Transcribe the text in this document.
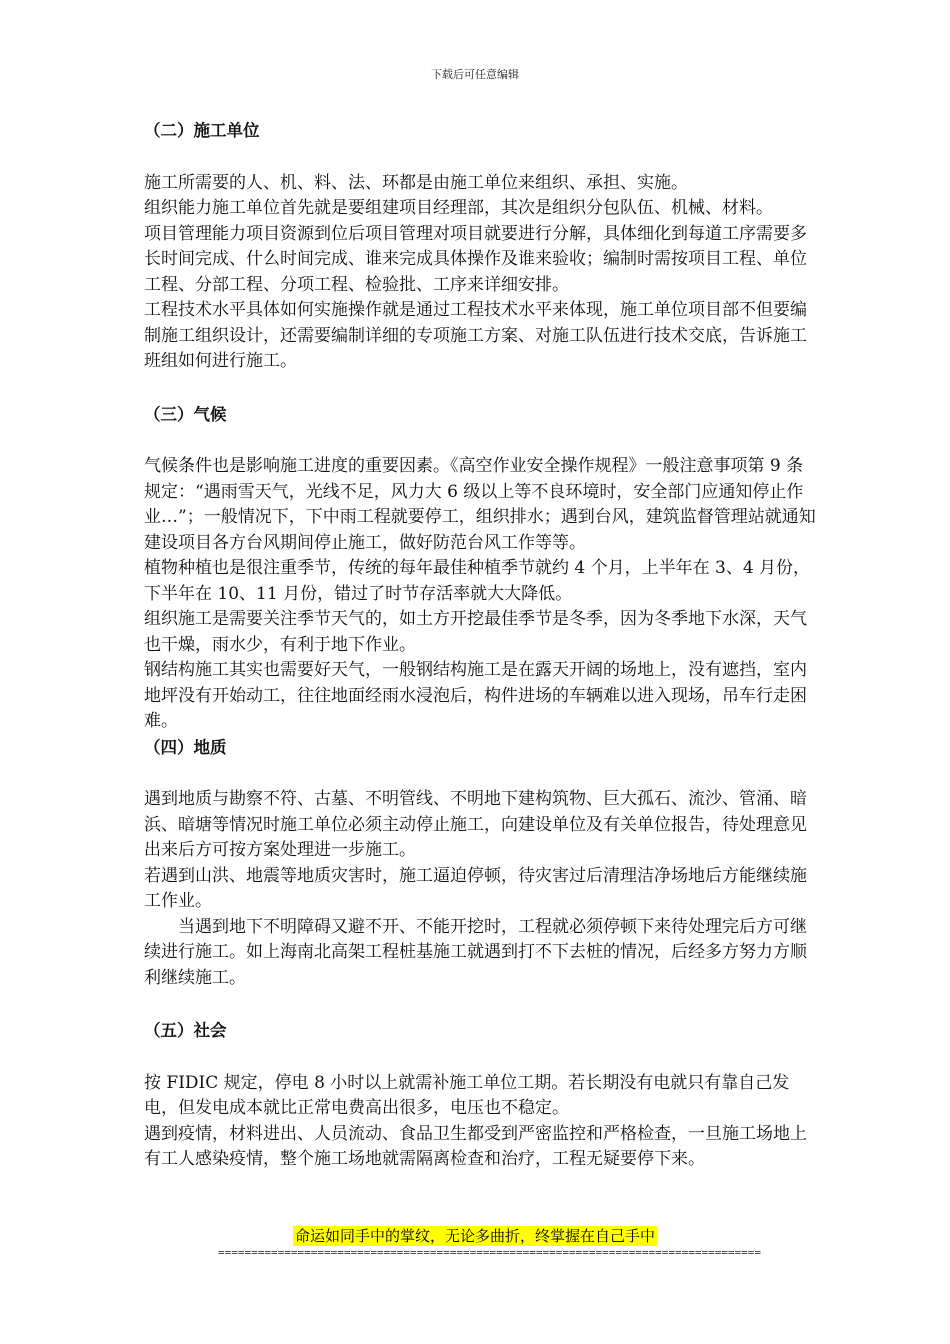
下载后可任意编辑
（二）施工单位

施工所需要的人、机、料、法、环都是由施工单位来组织、承担、实施。

组织能力施工单位首先就是要组建项目经理部，其次是组织分包队伍、机械、材料。

项目管理能力项目资源到位后项目管理对项目就要进行分解，具体细化到每道工序需要多长时间完成、什么时间完成、谁来完成具体操作及谁来验收；编制时需按项目工程、单位工程、分部工程、分项工程、检验批、工序来详细安排。

工程技术水平具体如何实施操作就是通过工程技术水平来体现，施工单位项目部不但要编制施工组织设计，还需要编制详细的专项施工方案、对施工队伍进行技术交底，告诉施工班组如何进行施工。

（三）气候

气候条件也是影响施工进度的重要因素。《高空作业安全操作规程》一般注意事项第 9 条规定：“遇雨雪天气，光线不足，风力大 6 级以上等不良环境时，安全部门应通知停止作业…”；一般情况下，下中雨工程就要停工，组织排水；遇到台风，建筑监督管理站就通知建设项目各方台风期间停止施工，做好防范台风工作等等。

植物种植也是很注重季节，传统的每年最佳种植季节就约 4 个月，上半年在 3、4 月份，下半年在 10、11 月份，错过了时节存活率就大大降低。

组织施工是需要关注季节天气的，如土方开挖最佳季节是冬季，因为冬季地下水深，天气也干燥，雨水少，有利于地下作业。

钢结构施工其实也需要好天气，一般钢结构施工是在露天开阔的场地上，没有遮挡，室内地坪没有开始动工，往往地面经雨水浸泡后，构件进场的车辆难以进入现场，吊车行走困难。

（四）地质

遇到地质与勘察不符、古墓、不明管线、不明地下建构筑物、巨大孤石、流沙、管涌、暗浜、暗塘等情况时施工单位必须主动停止施工，向建设单位及有关单位报告，待处理意见出来后方可按方案处理进一步施工。

若遇到山洪、地震等地质灾害时，施工逼迫停顿，待灾害过后清理洁净场地后方能继续施工作业。

当遇到地下不明障碍又避不开、不能开挖时，工程就必须停顿下来待处理完后方可继续进行施工。如上海南北高架工程桩基施工就遇到打不下去桩的情况，后经多方努力方顺利继续施工。

（五）社会

按 FIDIC 规定，停电 8 小时以上就需补施工单位工期。若长期没有电就只有靠自己发电，但发电成本就比正常电费高出很多，电压也不稳定。

遇到疫情，材料进出、人员流动、食品卫生都受到严密监控和严格检查，一旦施工场地上有工人感染疫情，整个施工场地就需隔离检查和治疗，工程无疑要停下来。

命运如同手中的掌纹，无论多曲折，终掌握在自己手中
==================================================================================
